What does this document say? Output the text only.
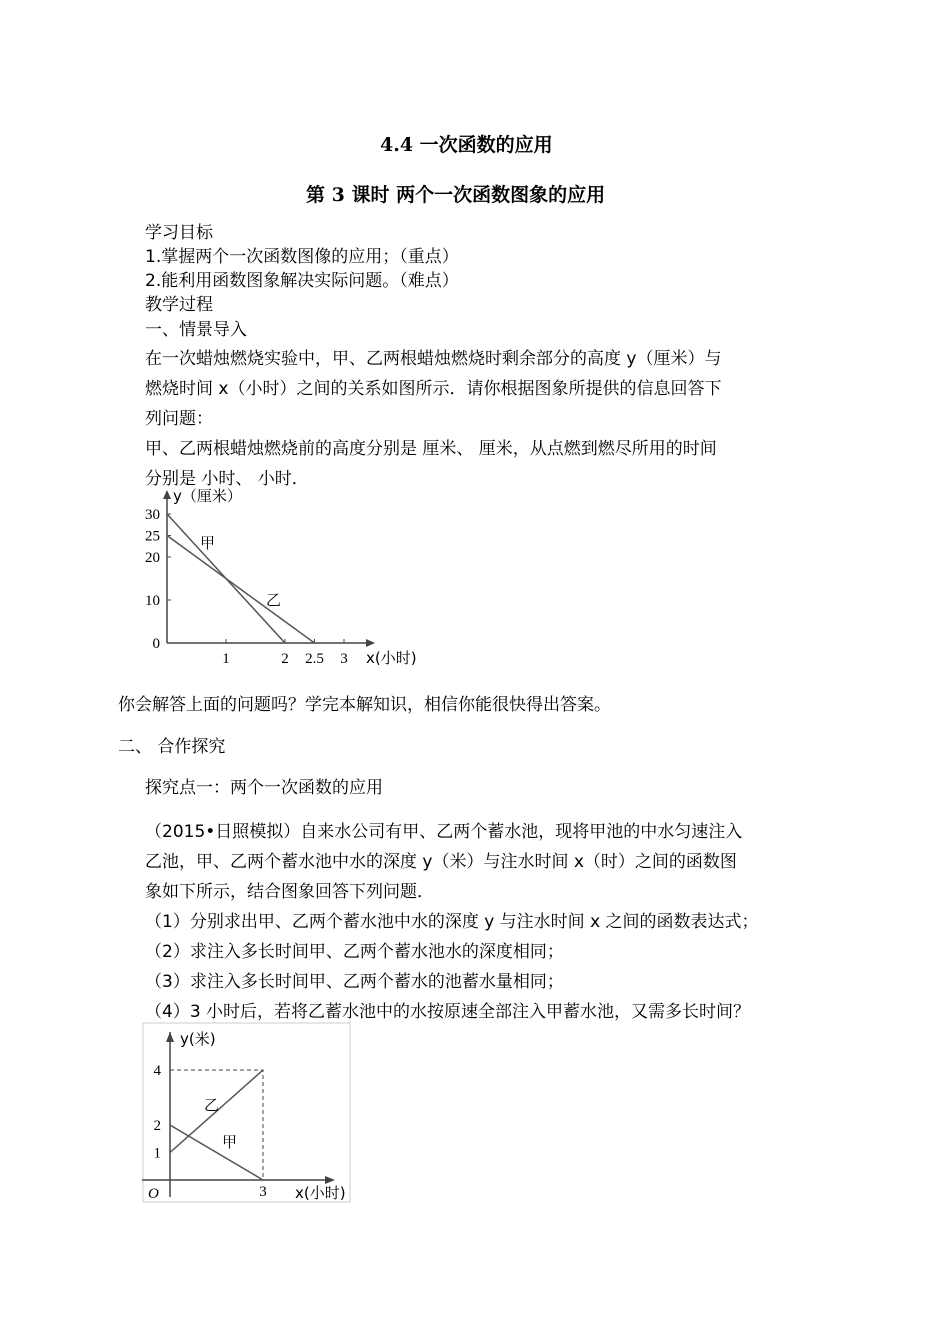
4.4 一次函数的应用
第 3 课时 两个一次函数图象的应用
学习目标
1.掌握两个一次函数图像的应用；（重点）
2.能利用函数图象解决实际问题。（难点）
教学过程
一、情景导入
在一次蜡烛燃烧实验中，甲、乙两根蜡烛燃烧时剩余部分的高度 y（厘米）与
燃烧时间 x（小时）之间的关系如图所示．请你根据图象所提供的信息回答下
列问题：
甲、乙两根蜡烛燃烧前的高度分别是 厘米、 厘米，从点燃到燃尽所用的时间
分别是 小时、 小时．
1	2 2.5 3
0
10
20
25
30
y（厘米）
x(小时)
甲
乙
你会解答上面的问题吗？学完本解知识，相信你能很快得出答案。
二、 合作探究
探究点一：两个一次函数的应用
（2015•日照模拟）自来水公司有甲、乙两个蓄水池，现将甲池的中水匀速注入
乙池，甲、乙两个蓄水池中水的深度 y（米）与注水时间 x（时）之间的函数图
象如下所示，结合图象回答下列问题．
（1）分别求出甲、乙两个蓄水池中水的深度 y 与注水时间 x 之间的函数表达式；
（2）求注入多长时间甲、乙两个蓄水池水的深度相同；
（3）求注入多长时间甲、乙两个蓄水的池蓄水量相同；
（4）3 小时后，若将乙蓄水池中的水按原速全部注入甲蓄水池，又需多长时间？
3
1
2
4
O
y(米)
x(小时)
乙
甲
